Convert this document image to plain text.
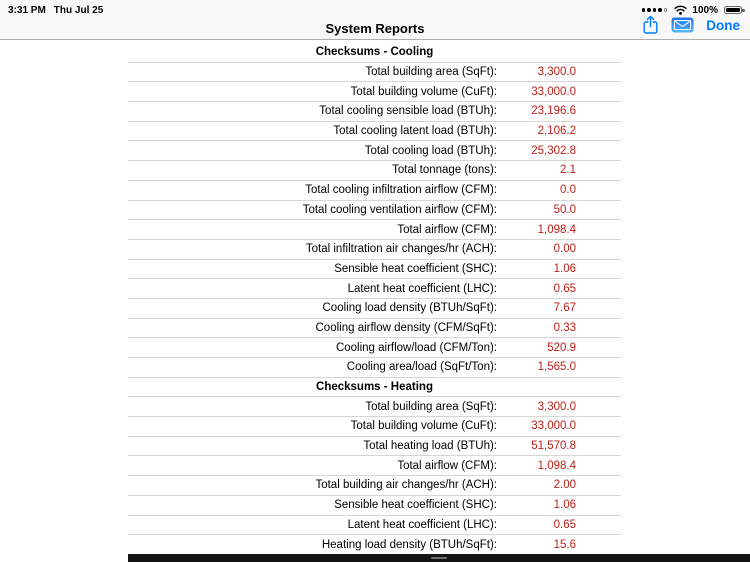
3:31 PM Thu Jul 25	100%
System Reports	Done
Checksums - Cooling
Total building area (SqFt):	3,300.0
Total building volume (CuFt):	33,000.0
Total cooling sensible load (BTUh):	23,196.6
Total cooling latent load (BTUh):	2,106.2
Total cooling load (BTUh):	25,302.8
Total tonnage (tons):	2.1
Total cooling infiltration airflow (CFM):	0.0
Total cooling ventilation airflow (CFM):	50.0
Total airflow (CFM):	1,098.4
Total infiltration air changes/hr (ACH):	0.00
Sensible heat coefficient (SHC):	1.06
Latent heat coefficient (LHC):	0.65
Cooling load density (BTUh/SqFt):	7.67
Cooling airflow density (CFM/SqFt):	0.33
Cooling airflow/load (CFM/Ton):	520.9
Cooling area/load (SqFt/Ton):	1,565.0
Checksums - Heating
Total building area (SqFt):	3,300.0
Total building volume (CuFt):	33,000.0
Total heating load (BTUh):	51,570.8
Total airflow (CFM):	1,098.4
Total building air changes/hr (ACH):	2.00
Sensible heat coefficient (SHC):	1.06
Latent heat coefficient (LHC):	0.65
Heating load density (BTUh/SqFt):	15.6
